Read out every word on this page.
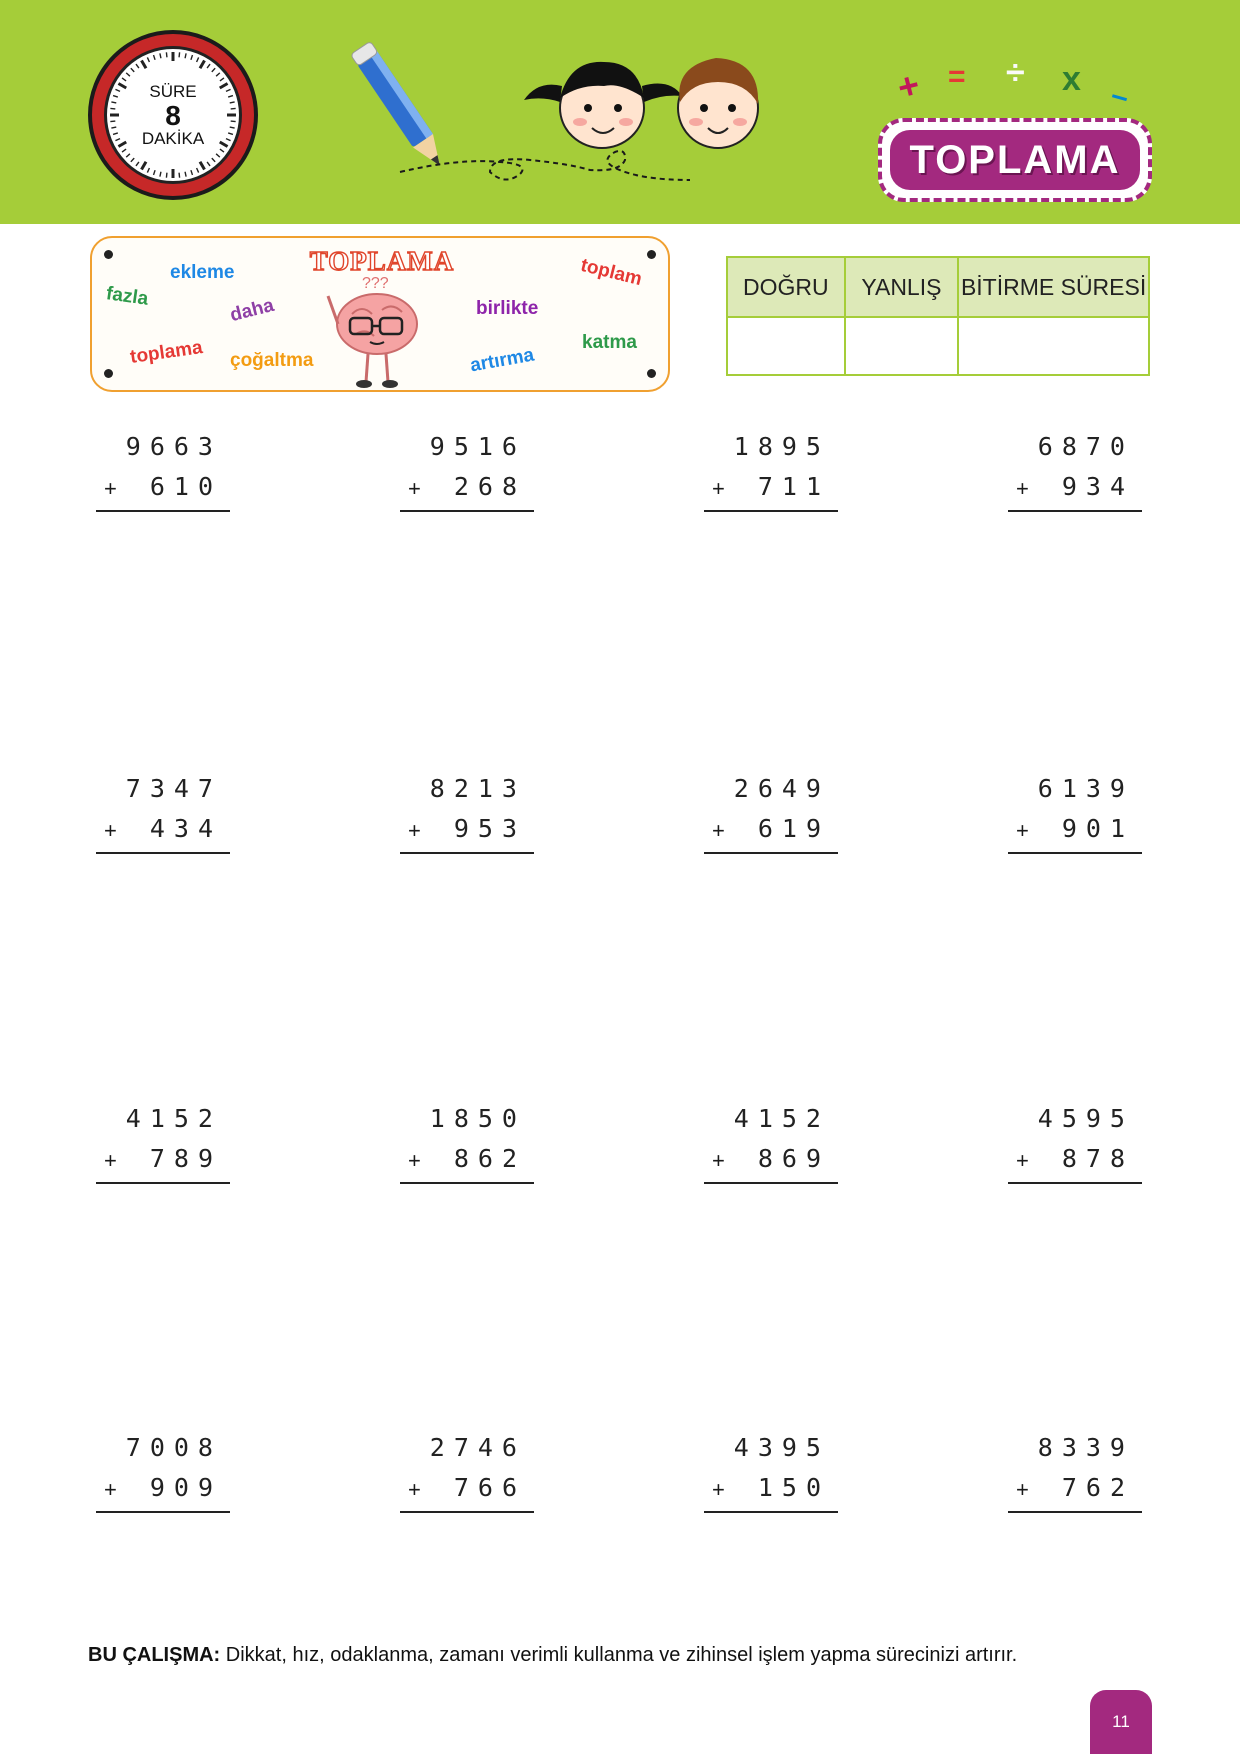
SÜRE
8
DAKİKA
+ = ÷ x –
TOPLAMA
TOPLAMA
ekleme
fazla	daha
toplama çoğaltma
birlikte
toplam
katma
artırma
???	DOĞRU	YANLIŞ	BİTİRME SÜRESİ

9663
+ 610
9516
+ 268
1895
+ 711
6870
+ 934
7347
+ 434
8213
+ 953
2649
+ 619
6139
+ 901
4152
+ 789
1850
+ 862
4152
+ 869
4595
+ 878
7008
+ 909
2746
+ 766
4395
+ 150
8339
+ 762
BU ÇALIŞMA: Dikkat, hız, odaklanma, zamanı verimli kullanma ve zihinsel işlem yapma sürecinizi artırır.
11
